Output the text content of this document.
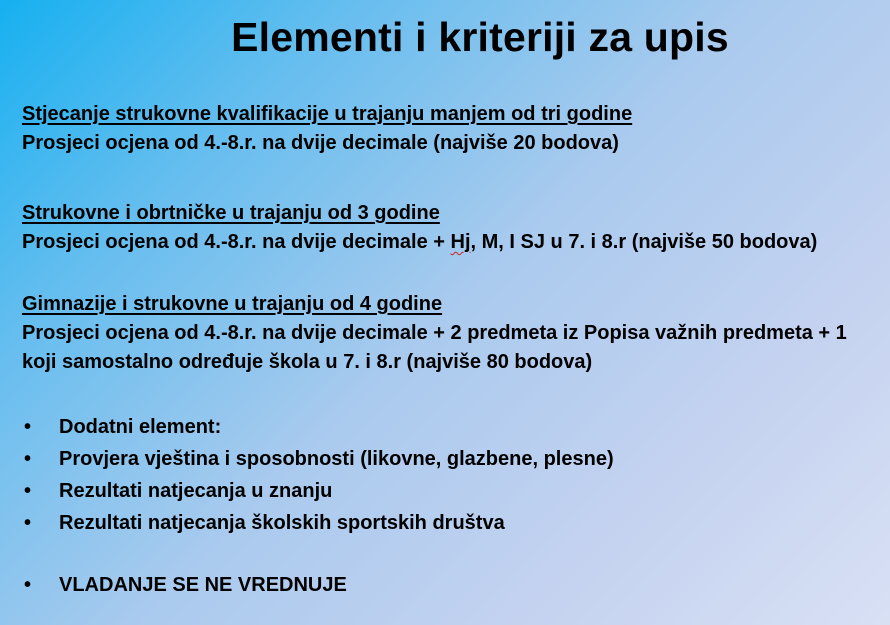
Elementi i kriteriji za upis
Stjecanje strukovne kvalifikacije u trajanju manjem od tri godine
Prosjeci ocjena od 4.-8.r. na dvije decimale (najviše 20 bodova)
Strukovne i obrtničke u trajanju od 3 godine
Prosjeci ocjena od 4.-8.r. na dvije decimale + Hj, M, I SJ u 7. i 8.r (najviše 50 bodova)
Gimnazije i strukovne u trajanju od 4 godine
Prosjeci ocjena od 4.-8.r. na dvije decimale + 2 predmeta iz Popisa važnih predmeta + 1 koji samostalno određuje škola u 7. i 8.r (najviše 80 bodova)
• Dodatni element:
• Provjera vještina i sposobnosti (likovne, glazbene, plesne)
• Rezultati natjecanja u znanju
• Rezultati natjecanja školskih sportskih društva
• VLADANJE SE NE VREDNUJE
